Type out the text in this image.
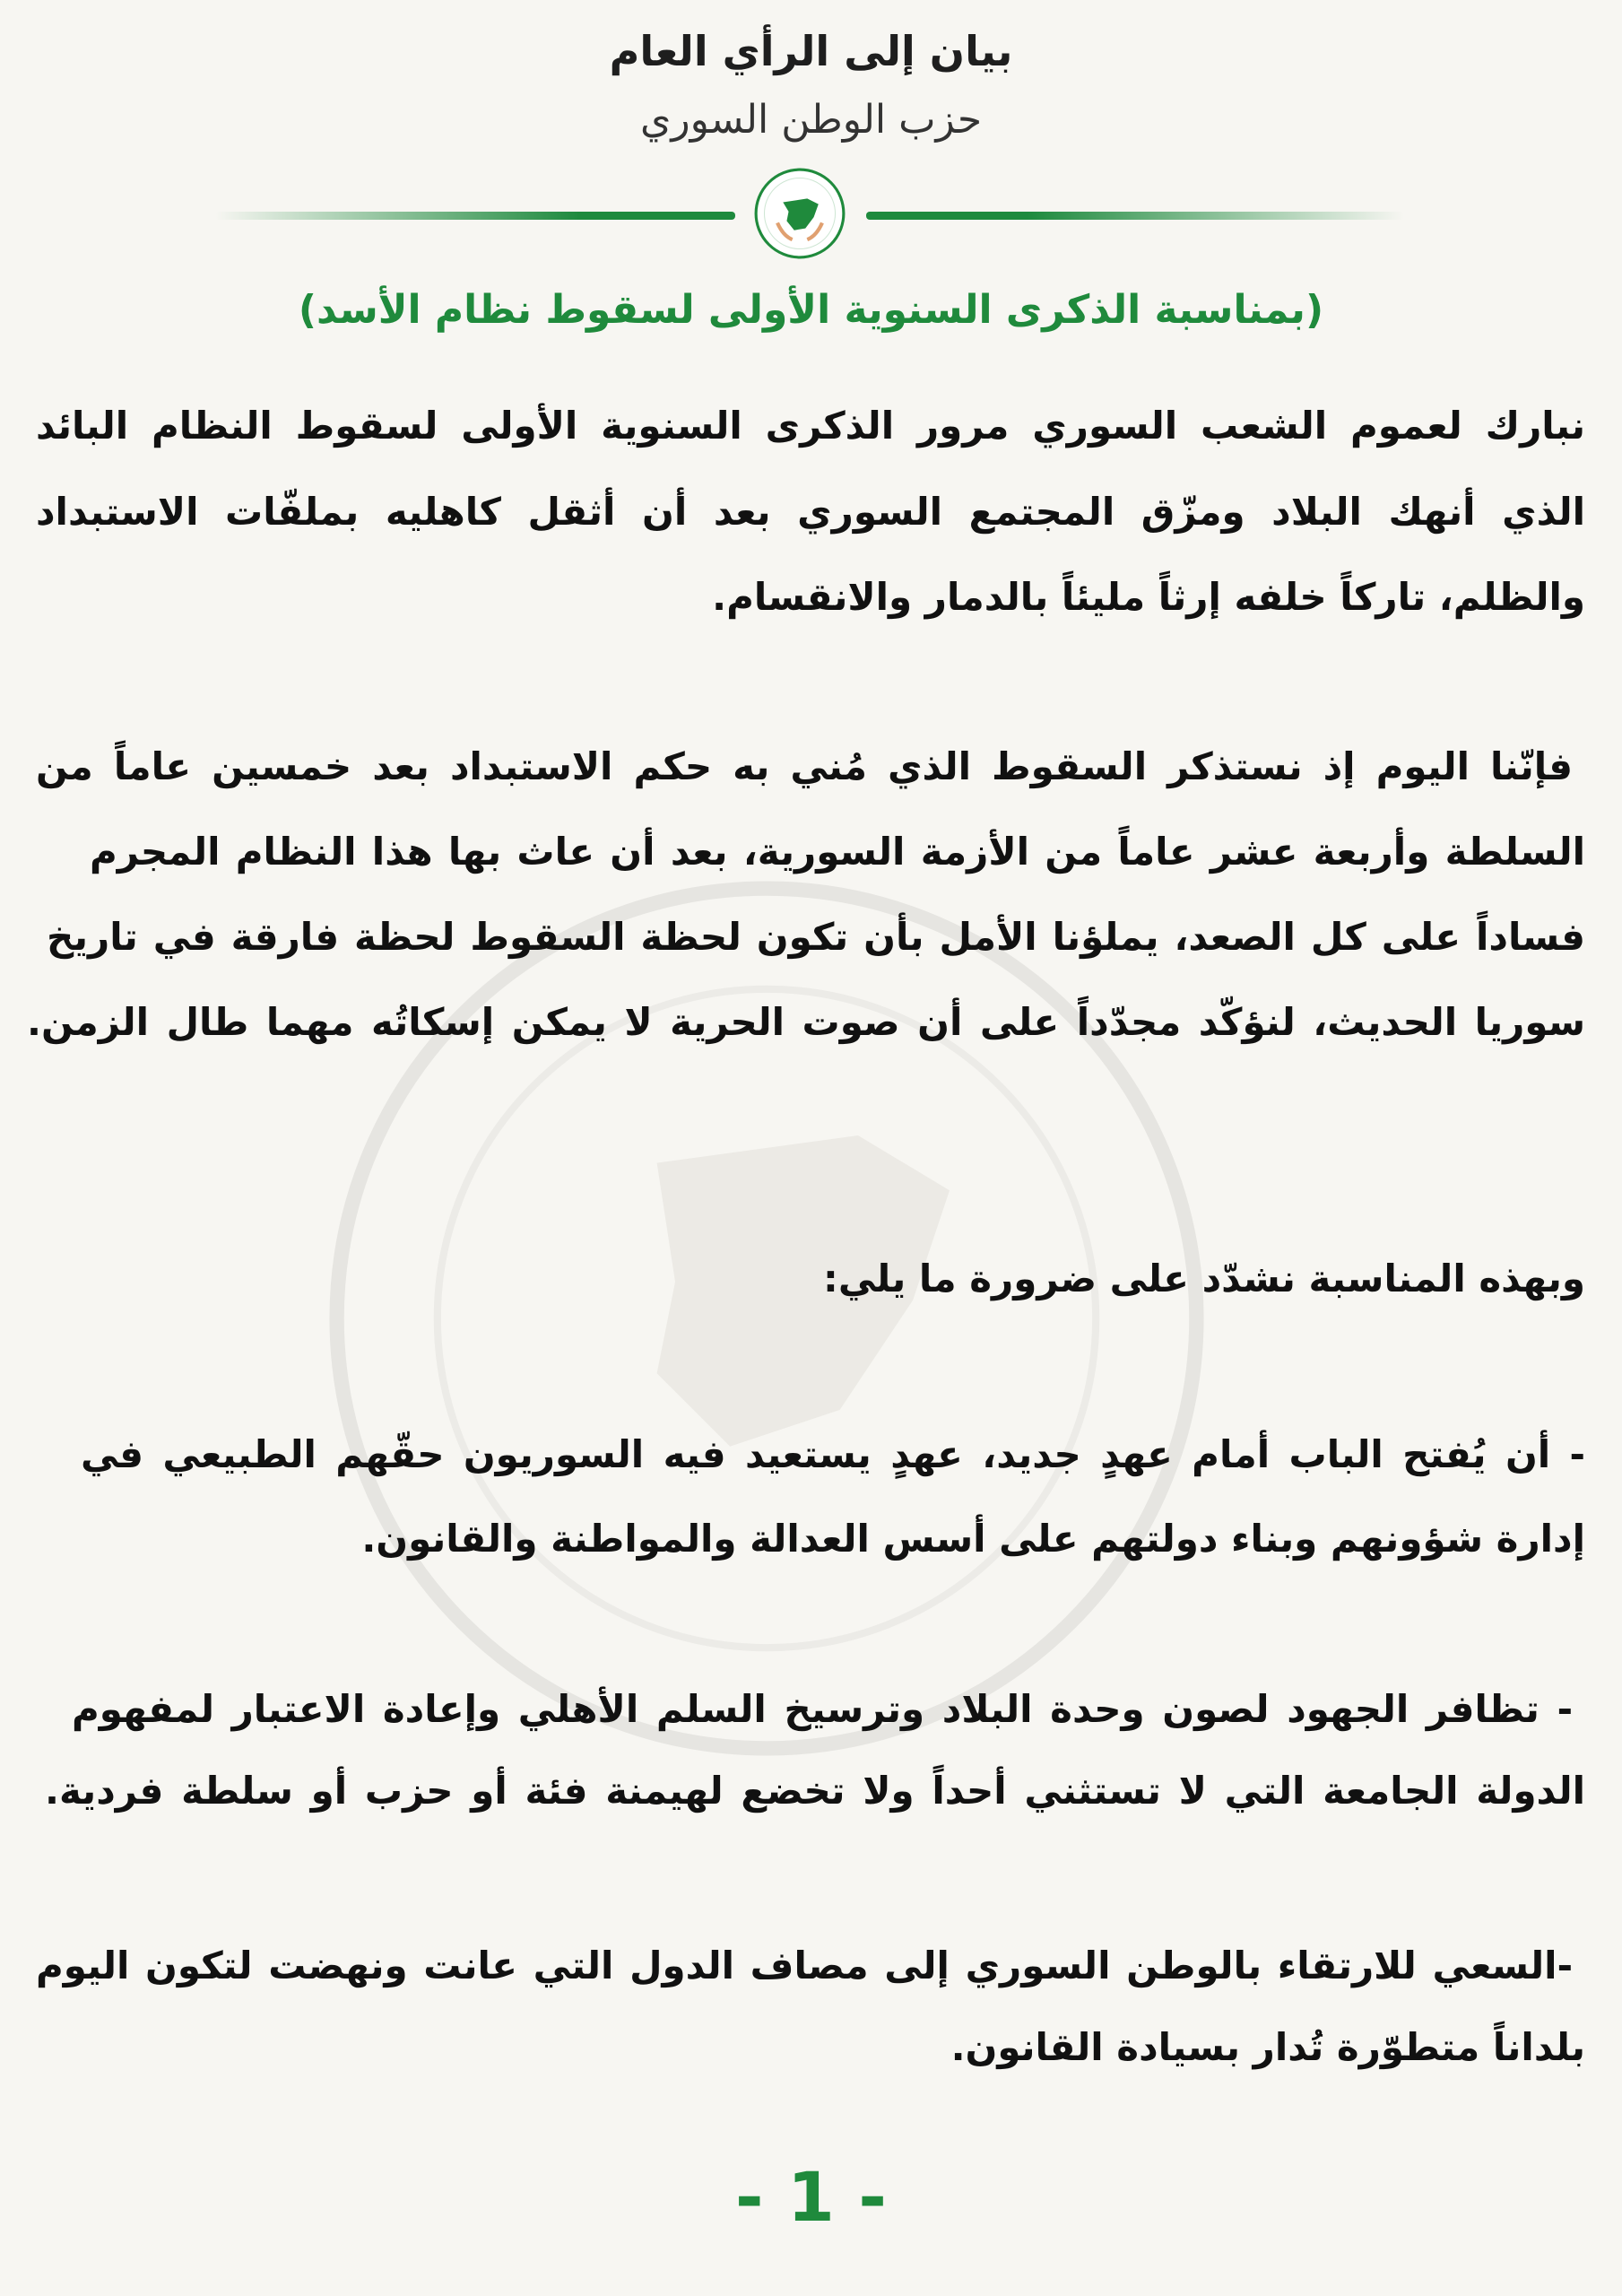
بيان إلى الرأي العام
حزب الوطن السوري
(بمناسبة الذكرى السنوية الأولى لسقوط نظام الأسد)
نبارك لعموم الشعب السوري مرور الذكرى السنوية الأولى لسقوط النظام البائد
الذي أنهك البلاد ومزّق المجتمع السوري بعد أن أثقل كاهليه بملفّات الاستبداد
والظلم، تاركاً خلفه إرثاً مليئاً بالدمار والانقسام.
فإنّنا اليوم إذ نستذكر السقوط الذي مُني به حكم الاستبداد بعد خمسين عاماً من
السلطة وأربعة عشر عاماً من الأزمة السورية، بعد أن عاث بها هذا النظام المجرم
فساداً على كل الصعد، يملؤنا الأمل بأن تكون لحظة السقوط لحظة فارقة في تاريخ
سوريا الحديث، لنؤكّد مجدّداً على أن صوت الحرية لا يمكن إسكاتُه مهما طال الزمن.
وبهذه المناسبة نشدّد على ضرورة ما يلي:
- أن يُفتح الباب أمام عهدٍ جديد، عهدٍ يستعيد فيه السوريون حقّهم الطبيعي في
إدارة شؤونهم وبناء دولتهم على أسس العدالة والمواطنة والقانون.
- تظافر الجهود لصون وحدة البلاد وترسيخ السلم الأهلي وإعادة الاعتبار لمفهوم
الدولة الجامعة التي لا تستثني أحداً ولا تخضع لهيمنة فئة أو حزب أو سلطة فردية.
-السعي للارتقاء بالوطن السوري إلى مصاف الدول التي عانت ونهضت لتكون اليوم
بلداناً متطوّرة تُدار بسيادة القانون.
- 1 -
